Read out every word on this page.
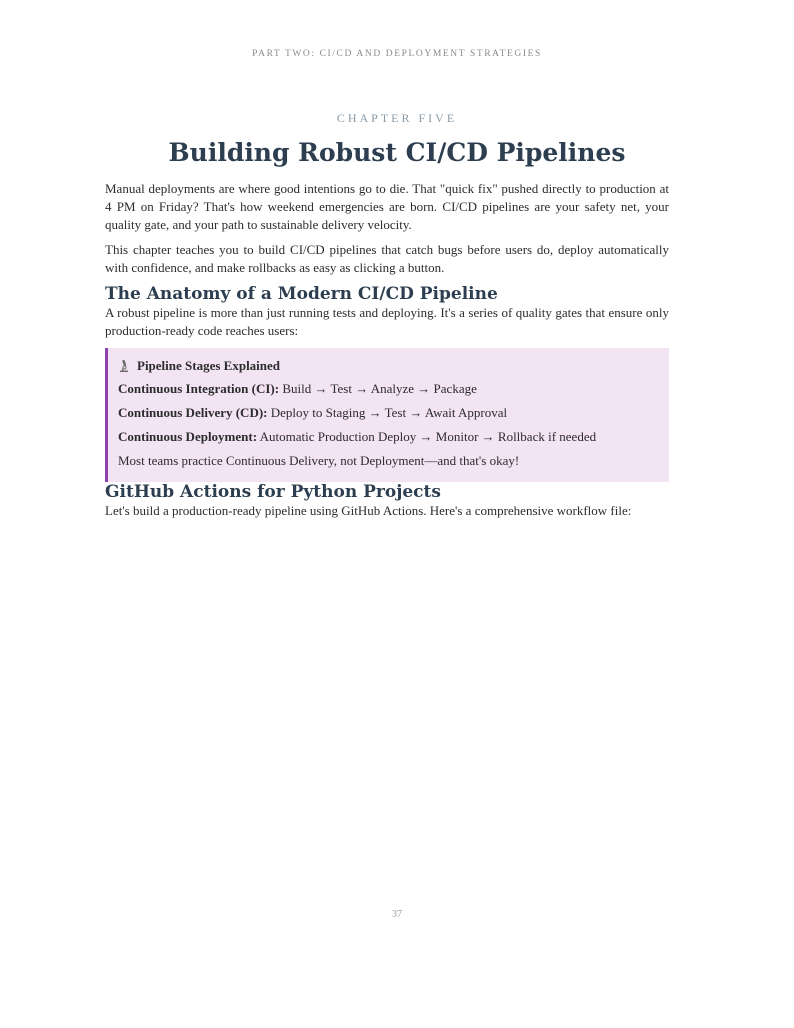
PART TWO: CI/CD AND DEPLOYMENT STRATEGIES
CHAPTER FIVE
Building Robust CI/CD Pipelines

Manual deployments are where good intentions go to die. That "quick fix" pushed directly to production at 4 PM on Friday? That's how weekend emergencies are born. CI/CD pipelines are your safety net, your quality gate, and your path to sustainable delivery velocity.

This chapter teaches you to build CI/CD pipelines that catch bugs before users do, deploy automatically with confidence, and make rollbacks as easy as clicking a button.

The Anatomy of a Modern CI/CD Pipeline

A robust pipeline is more than just running tests and deploying. It's a series of quality gates that ensure only production-ready code reaches users:

Pipeline Stages Explained
Continuous Integration (CI): Build → Test → Analyze → Package
Continuous Delivery (CD): Deploy to Staging → Test → Await Approval
Continuous Deployment: Automatic Production Deploy → Monitor → Rollback if needed
Most teams practice Continuous Delivery, not Deployment—and that's okay!
GitHub Actions for Python Projects

Let's build a production-ready pipeline using GitHub Actions. Here's a comprehensive workflow file:

37
